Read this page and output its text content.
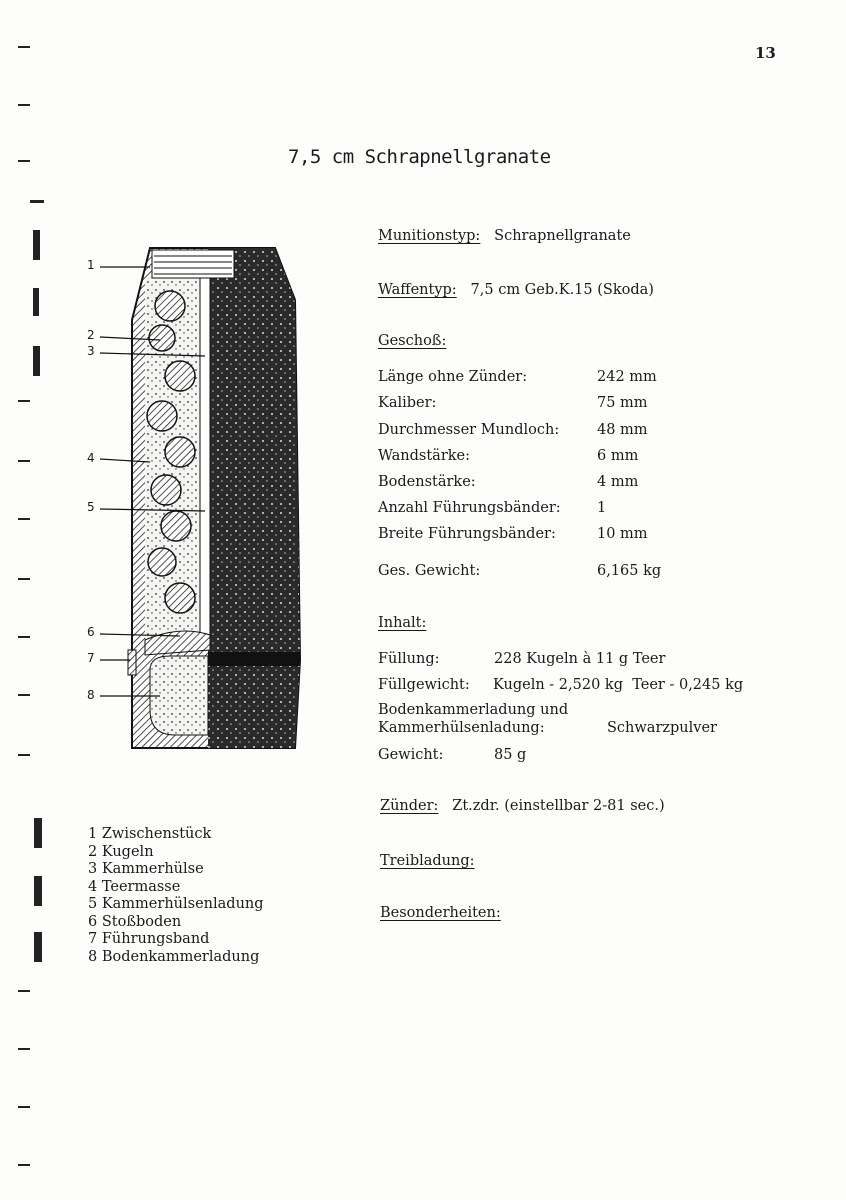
13
7,5 cm Schrapnellgranate
1
2
3
4
5
6
7
8
Munitionstyp: Schrapnellgranate
Waffentyp: 7,5 cm Geb.K.15 (Skoda)
Geschoß:
Länge ohne Zünder:	242 mm
Kaliber:	75 mm
Durchmesser Mundloch:	48 mm
Wandstärke:	6 mm
Bodenstärke:	4 mm
Anzahl Führungsbänder:	1
Breite Führungsbänder:	10 mm
Ges. Gewicht:	6,165 kg
Inhalt:
Füllung:	228 Kugeln à 11 g Teer
Füllgewicht: Kugeln - 2,520 kg  Teer - 0,245 kg
Bodenkammerladung und
Kammerhülsenladung:	Schwarzpulver
Gewicht:	85 g
Zünder: Zt.zdr. (einstellbar 2-81 sec.)
Treibladung:
Besonderheiten:
1 Zwischenstück
2 Kugeln
3 Kammerhülse
4 Teermasse
5 Kammerhülsenladung
6 Stoßboden
7 Führungsband
8 Bodenkammerladung
